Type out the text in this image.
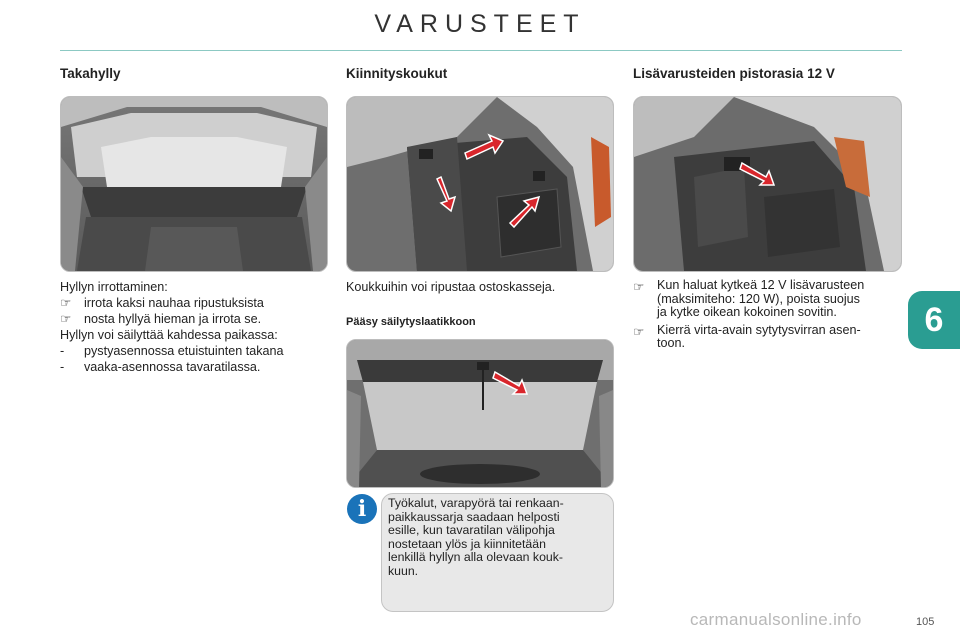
VARUSTEET
Takahylly
Hyllyn irrottaminen:
☞	irrota kaksi nauhaa ripustuksista
☞	nosta hyllyä hieman ja irrota se.
Hyllyn voi säilyttää kahdessa paikassa:
-	pystyasennossa etuistuinten takana
-	vaaka-asennossa tavaratilassa.
Kiinnityskoukut
Koukkuihin voi ripustaa ostoskasseja.
Pääsy säilytyslaatikkoon
i	Työkalut, varapyörä tai renkaan-
paikkaussarja saadaan helposti
esille, kun tavaratilan välipohja
nostetaan ylös ja kiinnitetään
lenkillä hyllyn alla olevaan kouk-
kuun.
Lisävarusteiden pistorasia 12 V
☞	Kun haluat kytkeä 12 V lisävarusteen
(maksimiteho: 120 W), poista suojus
ja kytke oikean kokoinen sovitin.
☞	Kierrä virta-avain sytytysvirran asen-
toon.
6
carmanualsonline.info	105
